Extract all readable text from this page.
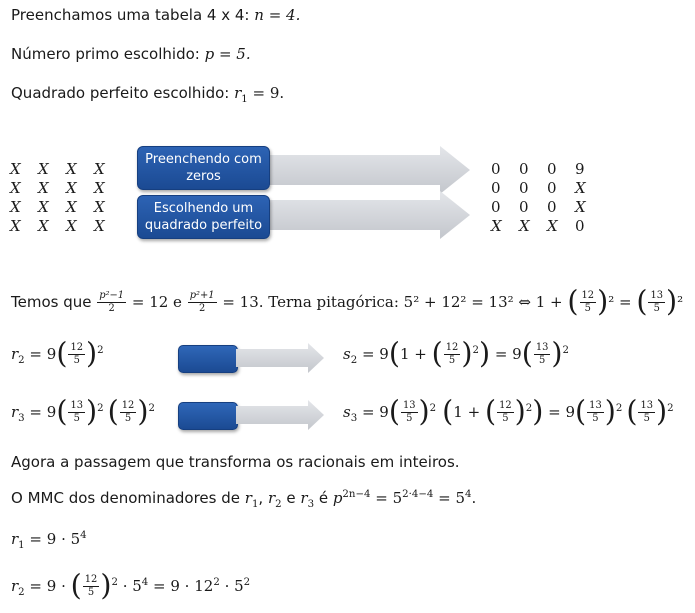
Preenchamos uma tabela 4 x 4: n = 4.
Número primo escolhido: p = 5.
Quadrado perfeito escolhido: $r_1 = 9$.
X	X	X	X
X	X	X	X
X	X	X	X
X	X	X	X
Preenchendo com zeros
Escolhendo um quadrado perfeito
0	0	0	9
0	0	0	X
0	0	0	X
X	X	X	0
Temos que $\frac{\text{p²−1}}{2} = 12$ e $\frac{\text{p²+1}}{2} = 13$. Terna pitagórica: 5² + 12² = 13² ⇔ 1 + ( $\frac{12}{5} )^2$ = ( $\frac{13}{5} )^2$
$r_2 = 9( \frac{12}{5} )^2$	$s_2 = 9(1$ + ( $\frac{12}{5} )^2) = 9( \frac{13}{5} )^2$
$r_3 = 9( \frac{13}{5} )^2$ ( $\frac{12}{5} )^2$	$s_3 = 9( \frac{13}{5} )^2$ (1 + ( $\frac{12}{5} )^2) = 9( \frac{13}{5} )^2$ ( $\frac{13}{5} )^2$
Agora a passagem que transforma os racionais em inteiros.
O MMC dos denominadores de $r_1$, $r_2$ e $r_3$ é $p^{2n-4} = 5^{2\cdot 4-4} = 5^4$.
$r_1 = 9 \cdot 5^4$
$r_2 = 9$ · ( $\frac{12}{5} )^2 \cdot 5^4 = 9 \cdot 12^2 \cdot 5^2$
